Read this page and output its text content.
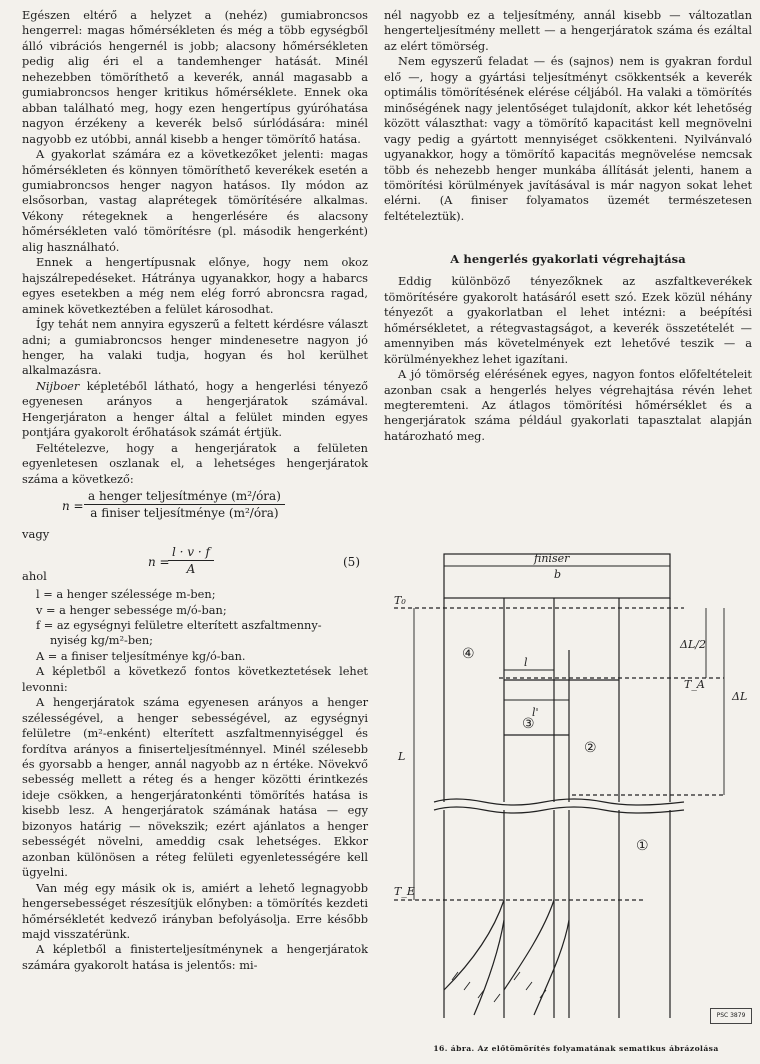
Egészen eltérő a helyzet a (nehéz) gumiabroncsos hengerrel: magas hőmérsékleten és még a több egységből álló vibrációs hengernél is jobb; alacsony hőmérsékleten pedig alig éri el a tandemhenger hatását. Minél nehezebben tömöríthető a keverék, annál magasabb a gumiabroncsos henger kritikus hőmérséklete. Ennek oka abban található meg, hogy ezen hengertípus gyúróhatása nagyon érzékeny a keverék belső súrlódására: minél nagyobb ez utóbbi, annál kisebb a henger tömörítő hatása.

A gyakorlat számára ez a következőket jelenti: magas hőmérsékleten és könnyen tömöríthető keverékek esetén a gumiabroncsos henger nagyon hatásos. Ily módon az elsősorban, vastag alaprétegek tömörítésére alkalmas. Vékony rétegeknek a hengerlésére és alacsony hőmérsékleten való tömörítésre (pl. második hengerként) alig használható.

Ennek a hengertípusnak előnye, hogy nem okoz hajszálrepedéseket. Hátránya ugyanakkor, hogy a habarcs egyes esetekben a még nem elég forró abroncsra ragad, aminek következtében a felület károsodhat.

Így tehát nem annyira egyszerű a feltett kérdésre választ adni; a gumiabroncsos henger mindenesetre nagyon jó henger, ha valaki tudja, hogyan és hol kerülhet alkalmazásra.

Nijboer képletéből látható, hogy a hengerlési tényező egyenesen arányos a hengerjáratok számával. Hengerjáraton a henger által a felület minden egyes pontjára gyakorolt érőhatások számát értjük.

Feltételezve, hogy a hengerjáratok a felületen egyenletesen oszlanak el, a lehetséges hengerjáratok száma a következő:

n =
a henger teljesítménye (m²/óra)
a finiser teljesítménye (m²/óra)
vagy
n =
$\frac{l \cdot v \cdot f}{A}$	(5)
ahol
l = a henger szélessége m-ben;
v = a henger sebessége m/ó-ban;
f = az egységnyi felületre elterített aszfaltmenny-
nyiség kg/m²-ben;
A = a finiser teljesítménye kg/ó-ban.

A képletből a következő fontos következtetések lehet levonni:

A hengerjáratok száma egyenesen arányos a henger szélességével, a henger sebességével, az egységnyi felületre (m²-enként) elterített aszfaltmennyiséggel és fordítva arányos a finiserteljesítménnyel. Minél szélesebb és gyorsabb a henger, annál nagyobb az n értéke. Növekvő sebesség mellett a réteg és a henger közötti érintkezés ideje csökken, a hengerjáratonkénti tömörítés hatása is kisebb lesz. A hengerjáratok számának hatása — egy bizonyos határig — növekszik; ezért ajánlatos a henger sebességét növelni, ameddig csak lehetséges. Ekkor azonban különösen a réteg felületi egyenletességére kell ügyelni.

Van még egy másik ok is, amiért a lehető legnagyobb hengersebességet részesítjük előnyben: a tömörítés kezdeti hőmérsékletét kedvező irányban befolyásolja. Erre később majd visszatérünk.

A képletből a finisterteljesítménynek a hengerjáratok számára gyakorolt hatása is jelentős: mi-

nél nagyobb ez a teljesítmény, annál kisebb — változatlan hengerteljesítmény mellett — a hengerjáratok száma és ezáltal az elért tömörség.

Nem egyszerű feladat — és (sajnos) nem is gyakran fordul elő —, hogy a gyártási teljesítményt csökkentsék a keverék optimális tömörítésének elérése céljából. Ha valaki a tömörítés minőségének nagy jelentőséget tulajdonít, akkor két lehetőség között választhat: vagy a tömörítő kapacitást kell megnövelni vagy pedig a gyártott mennyiséget csökkenteni. Nyilvánvaló ugyanakkor, hogy a tömörítő kapacitás megnövelése nemcsak több és nehezebb henger munkába állítását jelenti, hanem a tömörítési körülmények javításával is már nagyon sokat lehet elérni. (A finiser folyamatos üzemét természetesen feltételeztük).

A hengerlés gyakorlati végrehajtása

Eddig különböző tényezőknek az aszfaltkeverékek tömörítésére gyakorolt hatásáról esett szó. Ezek közül néhány tényezőt a gyakorlatban el lehet intézni: a beépítési hőmérsékletet, a rétegvastagságot, a keverék összetételét — amennyiben más követelmények ezt lehetővé teszik — a körülményekhez lehet igazítani.

A jó tömörség elérésének egyes, nagyon fontos előfeltételeit azonban csak a hengerlés helyes végrehajtása révén lehet megteremteni. Az átlagos tömörítési hőmérséklet és a hengerjáratok száma például gyakorlati tapasztalat alapján határozható meg.

finiser
b
T₀
T_A
T_E
ΔL/2
ΔL
L
l
l'
④
③
②
①
PSC 3879
16. ábra. Az előtömörítés folyamatának sematikus ábrázolása
